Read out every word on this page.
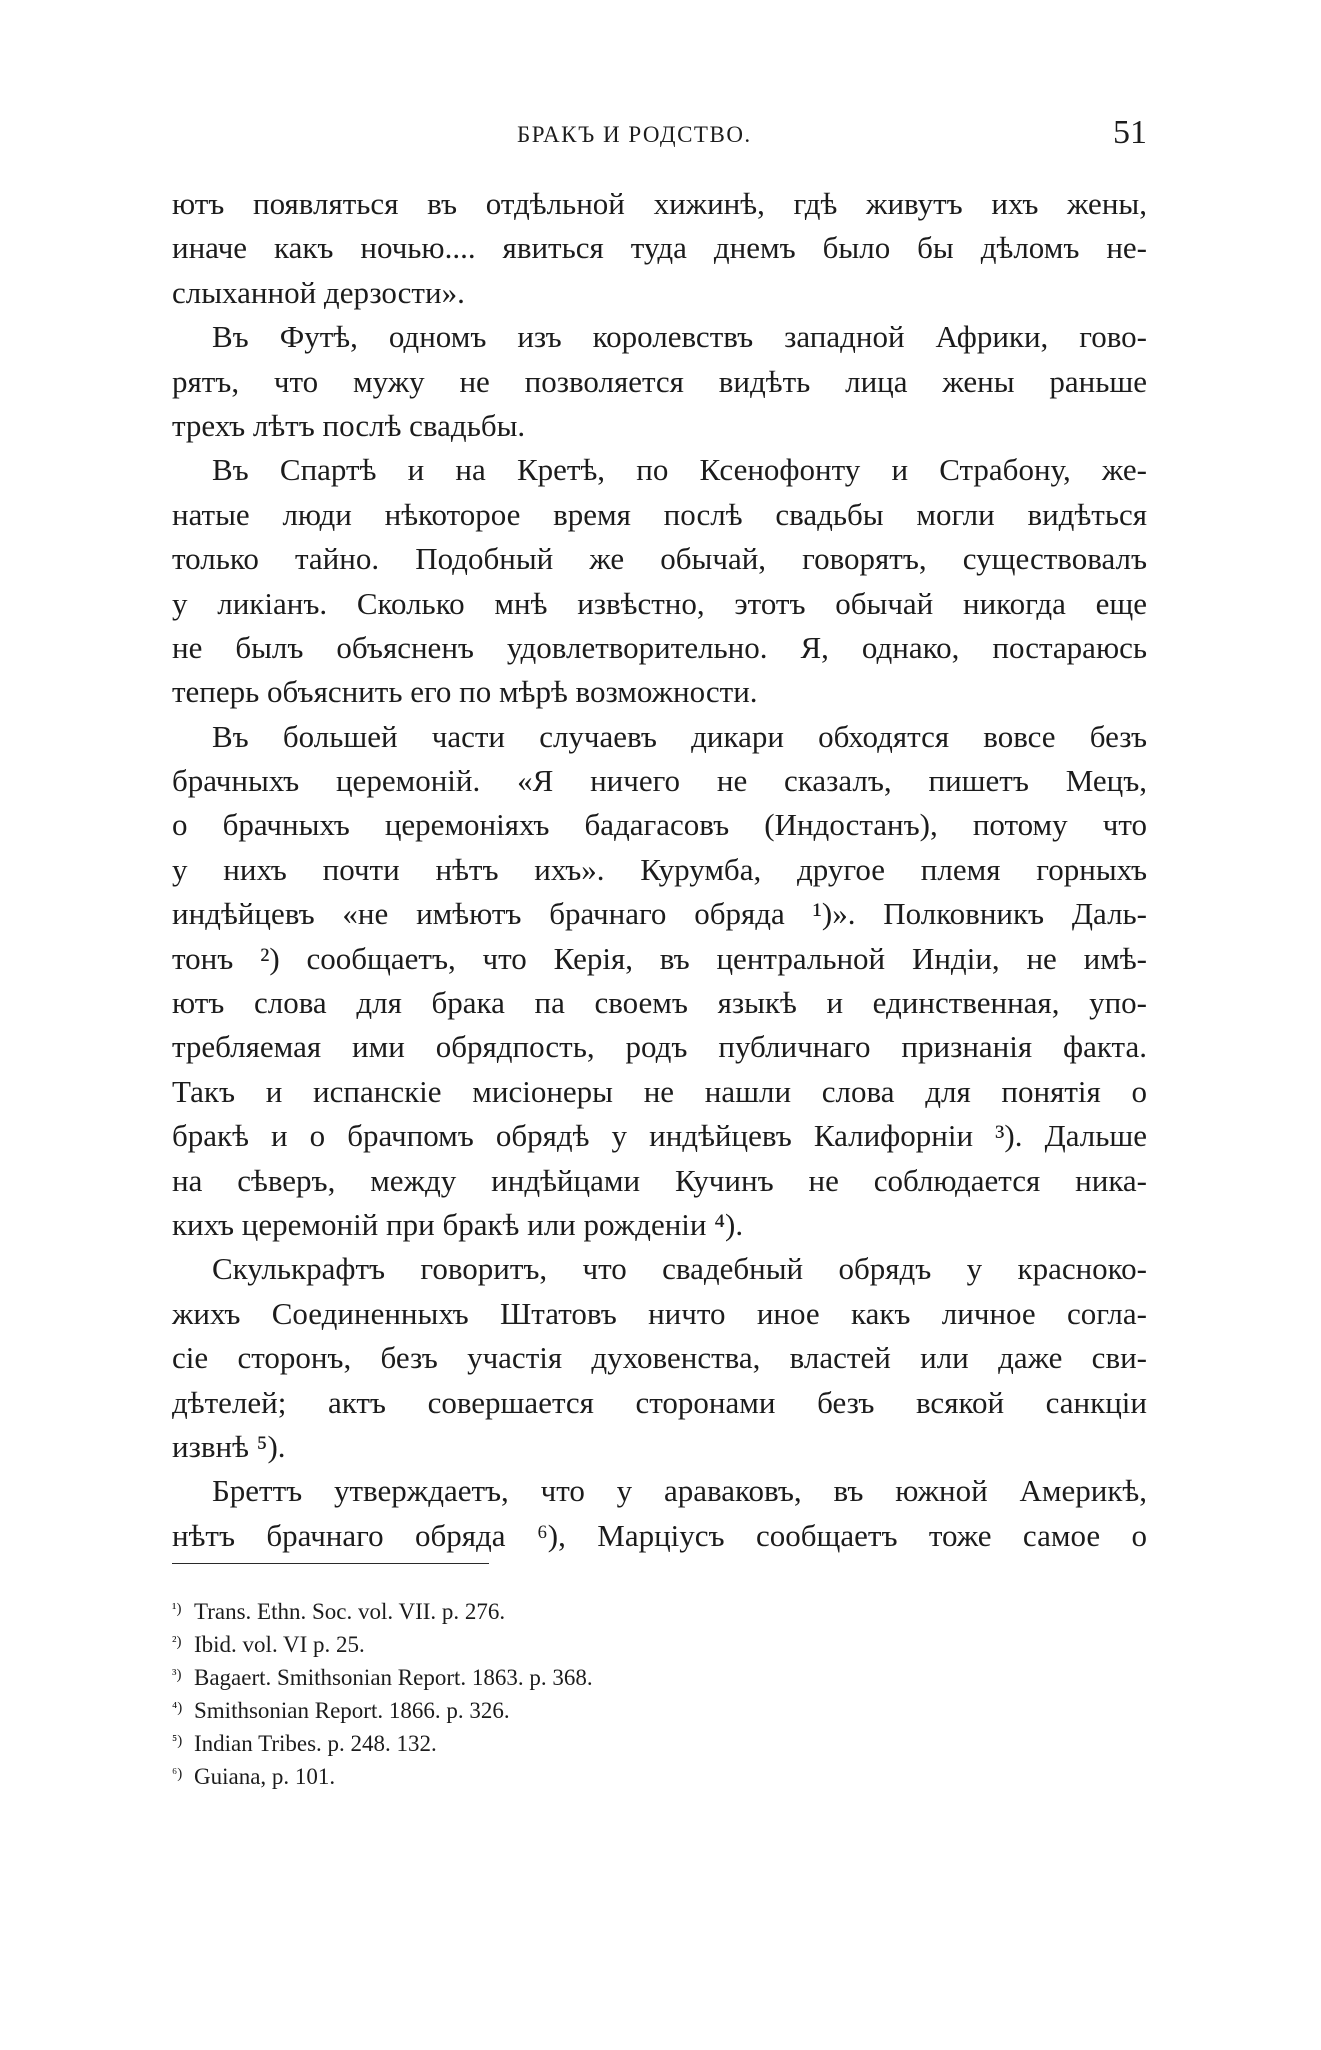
БРАКЪ И РОДСТВО.	51
ютъ появляться въ отдѣльной хижинѣ, гдѣ живутъ ихъ жены,
иначе какъ ночью.... явиться туда днемъ было бы дѣломъ не-
слыханной дерзости».
Въ Футѣ, одномъ изъ королевствъ западной Африки, гово-
рятъ, что мужу не позволяется видѣть лица жены раньше
трехъ лѣтъ послѣ свадьбы.
Въ Спартѣ и на Кретѣ, по Ксенофонту и Страбону, же-
натые люди нѣкоторое время послѣ свадьбы могли видѣться
только тайно. Подобный же обычай, говорятъ, существовалъ
у ликіанъ. Сколько мнѣ извѣстно, этотъ обычай никогда еще
не былъ объясненъ удовлетворительно. Я, однако, постараюсь
теперь объяснить его по мѣрѣ возможности.
Въ большей части случаевъ дикари обходятся вовсе безъ
брачныхъ церемоній. «Я ничего не сказалъ, пишетъ Мецъ,
о брачныхъ церемоніяхъ бадагасовъ (Индостанъ), потому что
у нихъ почти нѣтъ ихъ». Курумба, другое племя горныхъ
индѣйцевъ «не имѣютъ брачнаго обряда ¹)». Полковникъ Даль-
тонъ ²) сообщаетъ, что Керія, въ центральной Индіи, не имѣ-
ютъ слова для брака па своемъ языкѣ и единственная, упо-
требляемая ими обрядпость, родъ публичнаго признанія факта.
Такъ и испанскіе мисіонеры не нашли слова для понятія о
бракѣ и о брачпомъ обрядѣ у индѣйцевъ Калифорніи ³). Дальше
на сѣверъ, между индѣйцами Кучинъ не соблюдается ника-
кихъ церемоній при бракѣ или рожденіи ⁴).
Скулькрафтъ говоритъ, что свадебный обрядъ у красноко-
жихъ Соединенныхъ Штатовъ ничто иное какъ личное согла-
сіе сторонъ, безъ участія духовенства, властей или даже сви-
дѣтелей; актъ совершается сторонами безъ всякой санкціи
извнѣ ⁵).
Бреттъ утверждаетъ, что у араваковъ, въ южной Америкѣ,
нѣтъ брачнаго обряда ⁶), Марціусъ сообщаетъ тоже самое о
¹) Trans. Ethn. Soc. vol. VII. p. 276.
²) Ibid. vol. VI p. 25.
³) Bagaert. Smithsonian Report. 1863. p. 368.
⁴) Smithsonian Report. 1866. p. 326.
⁵) Indian Tribes. p. 248. 132.
⁶) Guiana, p. 101.
